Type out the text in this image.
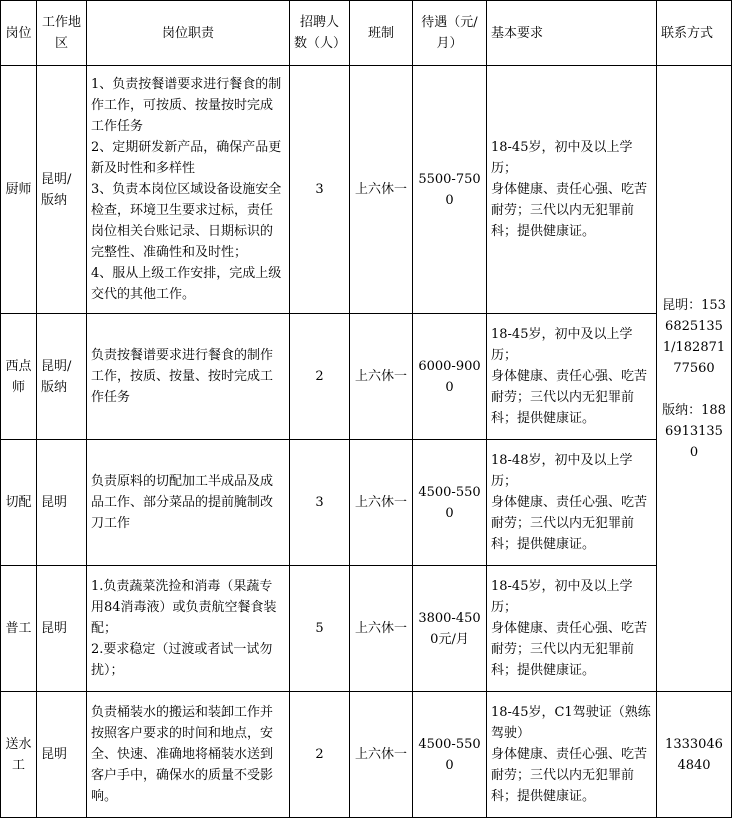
岗位	工作地区	岗位职责	招聘人数（人）	班制	待遇（元/月）	基本要求	联系方式
厨师	昆明/版纳	1、负责按餐谱要求进行餐食的制作工作，可按质、按量按时完成工作任务
2、定期研发新产品，确保产品更新及时性和多样性
3、负责本岗位区域设备设施安全检查，环境卫生要求过标，责任岗位相关台账记录、日期标识的完整性、准确性和及时性；
4、服从上级工作安排，完成上级交代的其他工作。	3	上六休一	5500-7500	18-45岁，初中及以上学历；
身体健康、责任心强、吃苦耐劳；三代以内无犯罪前科；提供健康证。	昆明：15368251351/18287177560

版纳：18869131350
西点师	昆明/版纳	负责按餐谱要求进行餐食的制作工作，按质、按量、按时完成工作任务	2	上六休一	6000-9000	18-45岁，初中及以上学历；
身体健康、责任心强、吃苦耐劳；三代以内无犯罪前科；提供健康证。	
切配	昆明	负责原料的切配加工半成品及成品工作、部分菜品的提前腌制改刀工作	3	上六休一	4500-5500	18-48岁，初中及以上学历；
身体健康、责任心强、吃苦耐劳；三代以内无犯罪前科；提供健康证。	
普工	昆明	1.负责蔬菜洗捡和消毒（果蔬专用84消毒液）或负责航空餐食装配；
2.要求稳定（过渡或者试一试勿扰）；	5	上六休一	3800-4500元/月	18-45岁，初中及以上学历；
身体健康、责任心强、吃苦耐劳；三代以内无犯罪前科；提供健康证。	
送水工	昆明	负责桶装水的搬运和装卸工作并按照客户要求的时间和地点，安全、快速、准确地将桶装水送到客户手中，确保水的质量不受影响。	2	上六休一	4500-5500	18-45岁，C1驾驶证（熟练驾驶）
身体健康、责任心强、吃苦耐劳；三代以内无犯罪前科；提供健康证。	13330464840
